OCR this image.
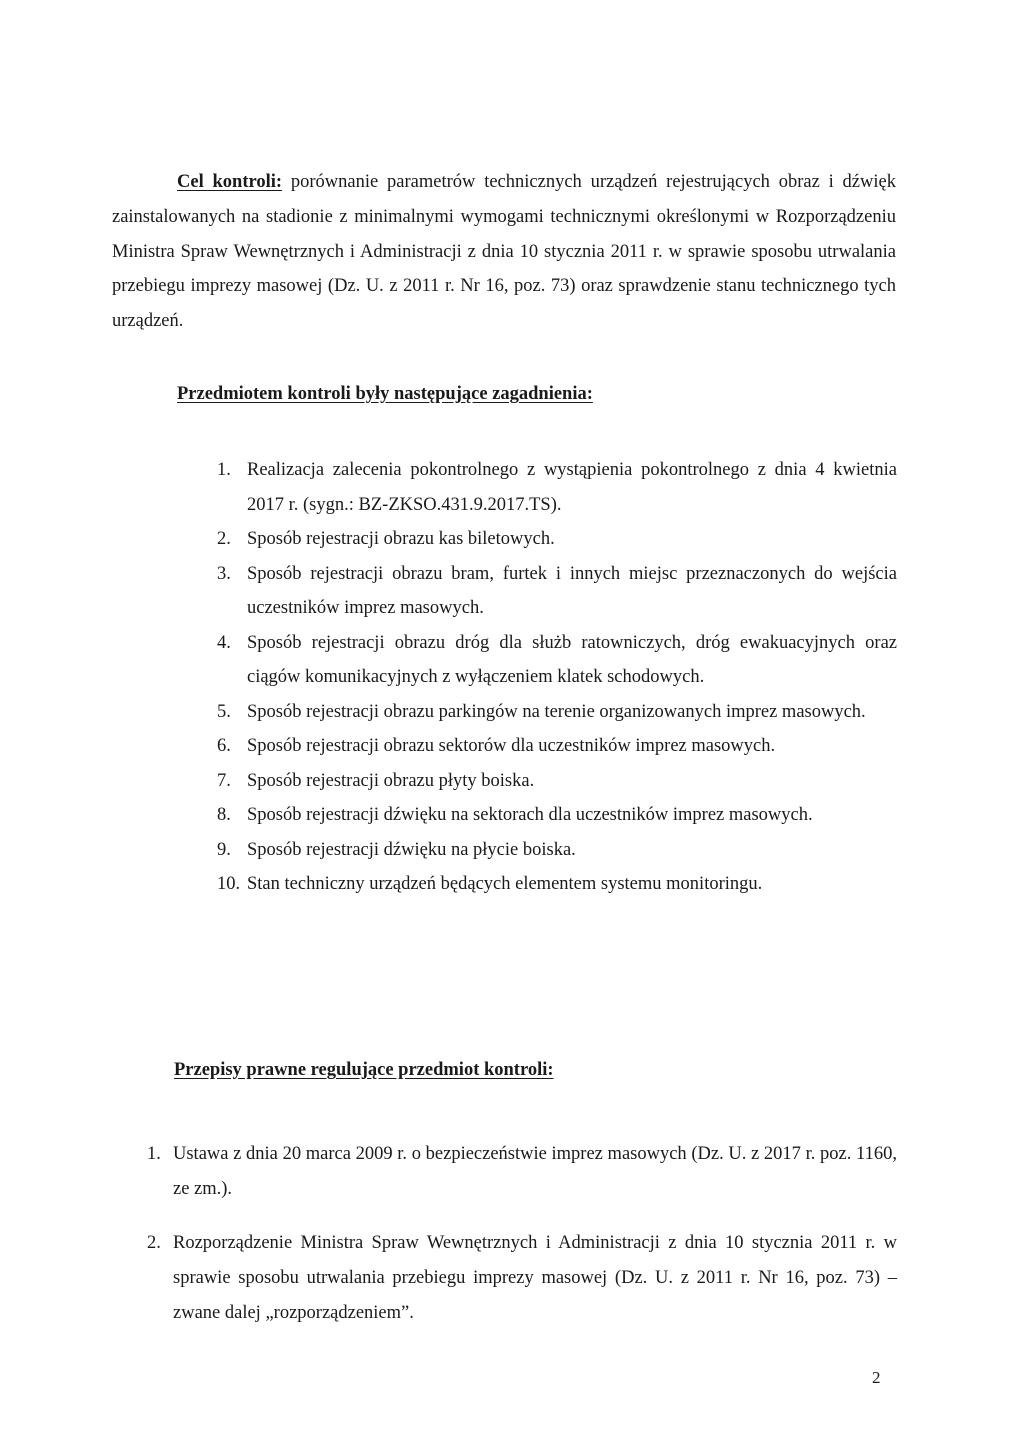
Cel kontroli: porównanie parametrów technicznych urządzeń rejestrujących obraz i dźwięk zainstalowanych na stadionie z minimalnymi wymogami technicznymi określonymi w Rozporządzeniu Ministra Spraw Wewnętrznych i Administracji z dnia 10 stycznia 2011 r. w sprawie sposobu utrwalania przebiegu imprezy masowej (Dz. U. z 2011 r. Nr 16, poz. 73) oraz sprawdzenie stanu technicznego tych urządzeń.

Przedmiotem kontroli były następujące zagadnienia:

1. Realizacja zalecenia pokontrolnego z wystąpienia pokontrolnego z dnia 4 kwietnia 2017 r. (sygn.: BZ-ZKSO.431.9.2017.TS).
2. Sposób rejestracji obrazu kas biletowych.
3. Sposób rejestracji obrazu bram, furtek i innych miejsc przeznaczonych do wejścia uczestników imprez masowych.
4. Sposób rejestracji obrazu dróg dla służb ratowniczych, dróg ewakuacyjnych oraz ciągów komunikacyjnych z wyłączeniem klatek schodowych.
5. Sposób rejestracji obrazu parkingów na terenie organizowanych imprez masowych.
6. Sposób rejestracji obrazu sektorów dla uczestników imprez masowych.
7. Sposób rejestracji obrazu płyty boiska.
8. Sposób rejestracji dźwięku na sektorach dla uczestników imprez masowych.
9. Sposób rejestracji dźwięku na płycie boiska.
10. Stan techniczny urządzeń będących elementem systemu monitoringu.

Przepisy prawne regulujące przedmiot kontroli:

1. Ustawa z dnia 20 marca 2009 r. o bezpieczeństwie imprez masowych (Dz. U. z 2017 r. poz. 1160, ze zm.).
2. Rozporządzenie Ministra Spraw Wewnętrznych i Administracji z dnia 10 stycznia 2011 r. w sprawie sposobu utrwalania przebiegu imprezy masowej (Dz. U. z 2011 r. Nr 16, poz. 73) – zwane dalej „rozporządzeniem”.

2
